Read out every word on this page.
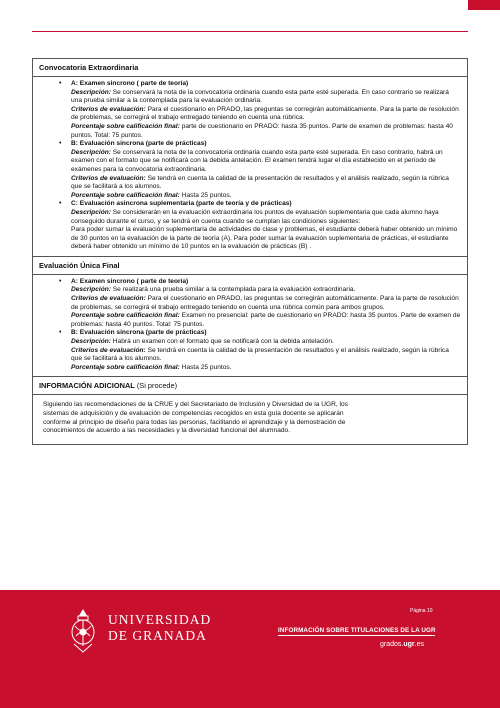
Convocatoria Extraordinaria
• A: Examen sincrono ( parte de teoría)
Descripción: Se conservará la nota de la convocatoria ordinaria cuando esta parte esté superada. En caso contrario se realizará una prueba similar a la contemplada para la evaluación ordinaria.
Criterios de evaluación: Para el cuestionario en PRADO, las preguntas se corregirán automáticamente. Para la parte de resolución de problemas, se corregirá el trabajo entregado teniendo en cuenta una rúbrica.
Porcentaje sobre calificación final: parte de cuestionario en PRADO: hasta 35 puntos. Parte de examen de problemas: hasta 40 puntos. Total: 75 puntos.
• B: Evaluación sincrona (parte de prácticas)
Descripción: Se conservará la nota de la convocatoria ordinaria cuando esta parte esté superada. En caso contrario, habrá un examen con el formato que se notificará con la debida antelación. El examen tendrá lugar el día establecido en el período de exámenes para la convocatoria extraordinaria.
Criterios de evaluación: Se tendrá en cuenta la calidad de la presentación de resultados y el análisis realizado, según la rúbrica que se facilitará a los alumnos.
Porcentaje sobre calificación final: Hasta 25 puntos.
• C: Evaluación asincrona suplementaria (parte de teoría y de prácticas)
Descripción: Se considerarán en la evaluación extraordinaria los puntos de evaluación suplementaria que cada alumno haya conseguido durante el curso, y se tendrá en cuenta cuando se cumplan las condiciones siguientes:
Para poder sumar la evaluación suplementaria de actividades de clase y problemas, el estudiante deberá haber obtenido un mínimo de 30 puntos en la evaluación de la parte de teoría (A). Para poder sumar la evaluación suplementaria de prácticas, el estudiante deberá haber obtenido un mínimo de 10 puntos en la evaluación de prácticas (B) .
Evaluación Única Final
• A: Examen sincrono ( parte de teoría)
Descripción: Se realizará una prueba similar a la contemplada para la evaluación extraordinaria.
Criterios de evaluación: Para el cuestionario en PRADO, las preguntas se corregirán automáticamente. Para la parte de resolución de problemas, se corregirá el trabajo entregado teniendo en cuenta una rúbrica común para ambos grupos.
Porcentaje sobre calificación final: Examen no presencial: parte de cuestionario en PRADO: hasta 35 puntos. Parte de examen de problemas: hasta 40 puntos. Total: 75 puntos.
• B: Evaluación sincrona (parte de prácticas)
Descripción: Habrá un examen con el formato que se notificará con la debida antelación.
Criterios de evaluación: Se tendrá en cuenta la calidad de la presentación de resultados y el análisis realizado, según la rúbrica que se facilitará a los alumnos.
Porcentaje sobre calificación final: Hasta 25 puntos.
INFORMACIÓN ADICIONAL (Si procede)
Siguiendo las recomendaciones de la CRUE y del Secretariado de Inclusión y Diversidad de la UGR, los
sistemas de adquisición y de evaluación de competencias recogidos en esta guía docente se aplicarán
conforme al principio de diseño para todas las personas, facilitando el aprendizaje y la demostración de
conocimientos de acuerdo a las necesidades y la diversidad funcional del alumnado.
UNIVERSIDAD
DE GRANADA
Página 10
INFORMACIÓN SOBRE TITULACIONES DE LA UGR
grados.ugr.es
